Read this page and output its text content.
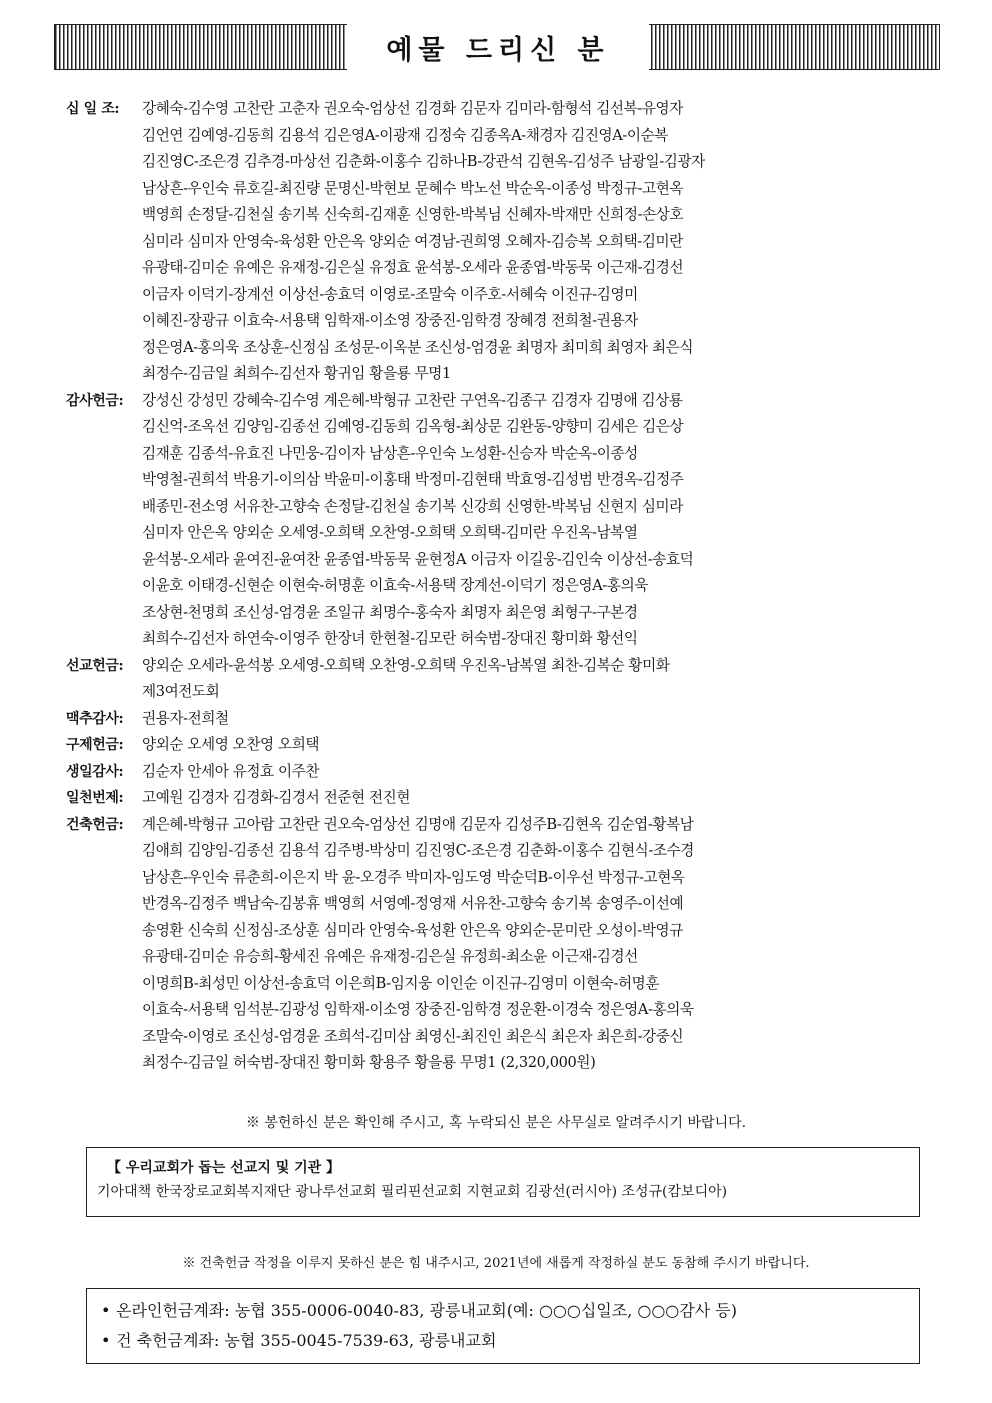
예물 드리신 분
십 일 조:	강혜숙-김수영 고찬란 고춘자 권오숙-엄상선 김경화 김문자 김미라-함형석 김선복-유영자
김언연 김예영-김동희 김용석 김은영A-이광재 김정숙 김종옥A-채경자 김진영A-이순복
김진영C-조은경 김추경-마상선 김춘화-이홍수 김하나B-강관석 김현옥-김성주 남광일-김광자
남상흔-우인숙 류호길-최진량 문명신-박현보 문혜수 박노선 박순옥-이종성 박정규-고현옥
백영희 손정달-김천실 송기복 신숙희-김재훈 신영한-박복님 신혜자-박재만 신희정-손상호
심미라 심미자 안영숙-육성환 안은옥 양외순 여경남-권희영 오혜자-김승복 오희택-김미란
유광태-김미순 유예은 유재정-김은실 유정효 윤석봉-오세라 윤종엽-박동묵 이근재-김경선
이금자 이덕기-장계선 이상선-송효덕 이영로-조말숙 이주호-서혜숙 이진규-김영미
이혜진-장광규 이효숙-서용택 임학재-이소영 장중진-임학경 장혜경 전희철-권용자
정은영A-홍의욱 조상훈-신정심 조성문-이옥분 조신성-엄경윤 최명자 최미희 최영자 최은식
최정수-김금일 최희수-김선자 황귀임 황을룡 무명1
감사헌금:	강성신 강성민 강혜숙-김수영 계은혜-박형규 고찬란 구연옥-김종구 김경자 김명애 김상룡
김신억-조옥선 김양임-김종선 김예영-김동희 김옥형-최상문 김완동-양향미 김세은 김은상
김재훈 김종석-유효진 나민웅-김이자 남상흔-우인숙 노성환-신승자 박순옥-이종성
박영철-권희석 박용기-이의삼 박윤미-이홍태 박정미-김현태 박효영-김성범 반경옥-김정주
배종민-전소영 서유찬-고향숙 손정달-김천실 송기복 신강희 신영한-박복님 신현지 심미라
심미자 안은옥 양외순 오세영-오희택 오찬영-오희택 오희택-김미란 우진옥-남복열
윤석봉-오세라 윤여진-윤여찬 윤종엽-박동묵 윤현정A 이금자 이길웅-김인숙 이상선-송효덕
이윤호 이태경-신현순 이현숙-허명훈 이효숙-서용택 장계선-이덕기 정은영A-홍의욱
조상현-천명희 조신성-엄경윤 조일규 최명수-홍숙자 최명자 최은영 최형구-구본경
최희수-김선자 하연숙-이영주 한장녀 한현철-김모란 허숙범-장대진 황미화 황선익
선교헌금:	양외순 오세라-윤석봉 오세영-오희택 오찬영-오희택 우진옥-남복열 최찬-김복순 황미화
제3여전도회
맥추감사:	권용자-전희철
구제헌금:	양외순 오세영 오찬영 오희택
생일감사:	김순자 안세아 유정효 이주찬
일천번제:	고예원 김경자 김경화-김경서 전준현 전진현
건축헌금:	계은혜-박형규 고아람 고찬란 권오숙-엄상선 김명애 김문자 김성주B-김현옥 김순엽-황복남
김애희 김양임-김종선 김용석 김주병-박상미 김진영C-조은경 김춘화-이홍수 김현식-조수경
남상흔-우인숙 류춘희-이은지 박 윤-오경주 박미자-임도영 박순덕B-이우선 박정규-고현옥
반경옥-김정주 백남숙-김봉휴 백영희 서영예-정영재 서유찬-고향숙 송기복 송영주-이선예
송영환 신숙희 신정심-조상훈 심미라 안영숙-육성환 안은옥 양외순-문미란 오성이-박영규
유광태-김미순 유승희-황세진 유예은 유재정-김은실 유정희-최소윤 이근재-김경선
이명희B-최성민 이상선-송효덕 이은희B-임지웅 이인순 이진규-김영미 이현숙-허명훈
이효숙-서용택 임석분-김광성 임학재-이소영 장중진-임학경 정운환-이경숙 정은영A-홍의욱
조말숙-이영로 조신성-엄경윤 조희석-김미삼 최영신-최진인 최은식 최은자 최은희-강중신
최정수-김금일 허숙범-장대진 황미화 황용주 황을룡 무명1 (2,320,000원)
※ 봉헌하신 분은 확인해 주시고, 혹 누락되신 분은 사무실로 알려주시기 바랍니다.
【 우리교회가 돕는 선교지 및 기관 】
기아대책 한국장로교회복지재단 광나루선교회 필리핀선교회 지현교회 김광선(러시아) 조성규(캄보디아)
※ 건축헌금 작정을 이루지 못하신 분은 힘 내주시고, 2021년에 새롭게 작정하실 분도 동참해 주시기 바랍니다.
• 온라인헌금계좌: 농협 355-0006-0040-83, 광릉내교회(예: ○○○십일조, ○○○감사 등)
• 건 축헌금계좌: 농협 355-0045-7539-63, 광릉내교회
